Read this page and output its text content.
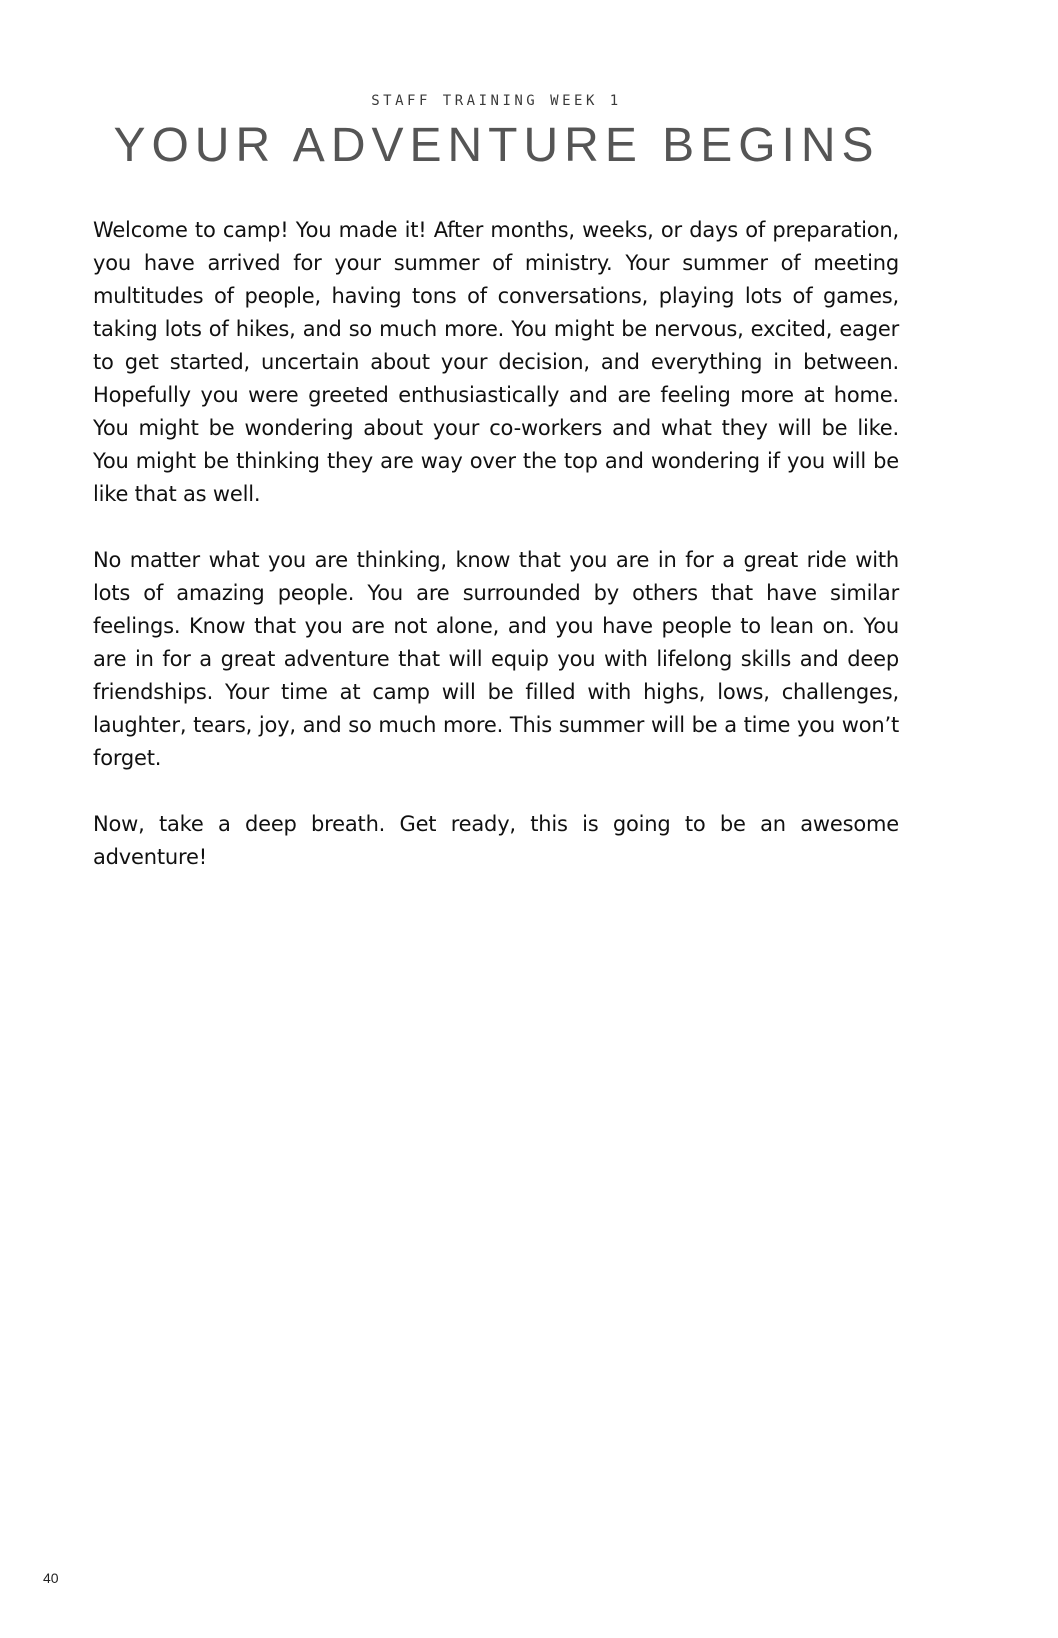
STAFF TRAINING WEEK 1
YOUR ADVENTURE BEGINS

Welcome to camp! You made it! After months, weeks, or days of preparation, you have arrived for your summer of ministry. Your summer of meeting multitudes of people, having tons of conversations, playing lots of games, taking lots of hikes, and so much more. You might be nervous, excited, eager to get started, uncertain about your decision, and everything in between. Hopefully you were greeted enthusiastically and are feeling more at home. You might be wondering about your co-workers and what they will be like. You might be thinking they are way over the top and wondering if you will be like that as well.

No matter what you are thinking, know that you are in for a great ride with lots of amazing people. You are surrounded by others that have similar feelings. Know that you are not alone, and you have people to lean on. You are in for a great adventure that will equip you with lifelong skills and deep friendships. Your time at camp will be filled with highs, lows, challenges, laughter, tears, joy, and so much more. This summer will be a time you won’t forget.

Now, take a deep breath. Get ready, this is going to be an awesome adventure!

40
